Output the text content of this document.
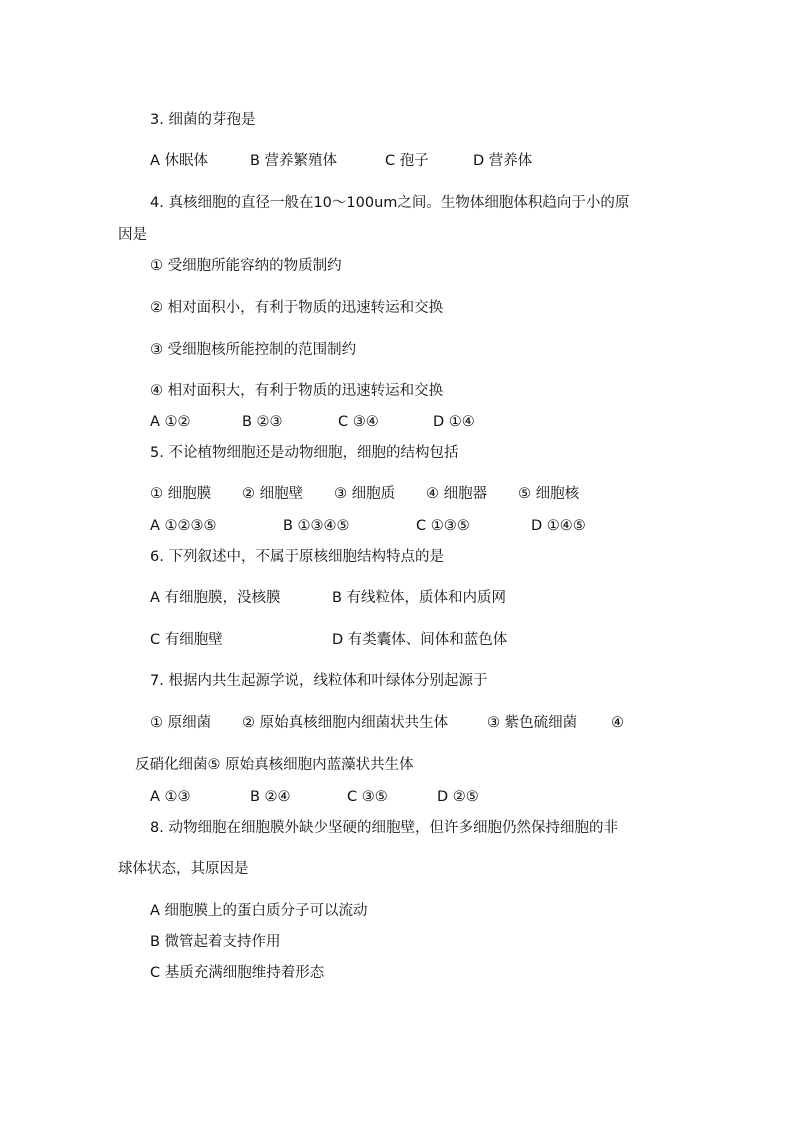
3. 细菌的芽孢是
A 休眠体	B 营养繁殖体	C 孢子	D 营养体
4. 真核细胞的直径一般在10～100um之间。生物体细胞体积趋向于小的原
因是
① 受细胞所能容纳的物质制约
② 相对面积小，有利于物质的迅速转运和交换
③ 受细胞核所能控制的范围制约
④ 相对面积大，有利于物质的迅速转运和交换
A ①②	B ②③	C ③④	D ①④
5. 不论植物细胞还是动物细胞，细胞的结构包括
① 细胞膜 ② 细胞壁 ③ 细胞质 ④ 细胞器 ⑤ 细胞核
A ①②③⑤	B ①③④⑤	C ①③⑤	D ①④⑤
6. 下列叙述中，不属于原核细胞结构特点的是
A 有细胞膜，没核膜	B 有线粒体，质体和内质网
C 有细胞壁	D 有类囊体、间体和蓝色体
7. 根据内共生起源学说，线粒体和叶绿体分别起源于
① 原细菌 ② 原始真核细胞内细菌状共生体	③ 紫色硫细菌 ④
反硝化细菌⑤ 原始真核细胞内蓝藻状共生体
A ①③	B ②④	C ③⑤	D ②⑤
8. 动物细胞在细胞膜外缺少坚硬的细胞壁，但许多细胞仍然保持细胞的非
球体状态，其原因是
A 细胞膜上的蛋白质分子可以流动
B 微管起着支持作用
C 基质充满细胞维持着形态
